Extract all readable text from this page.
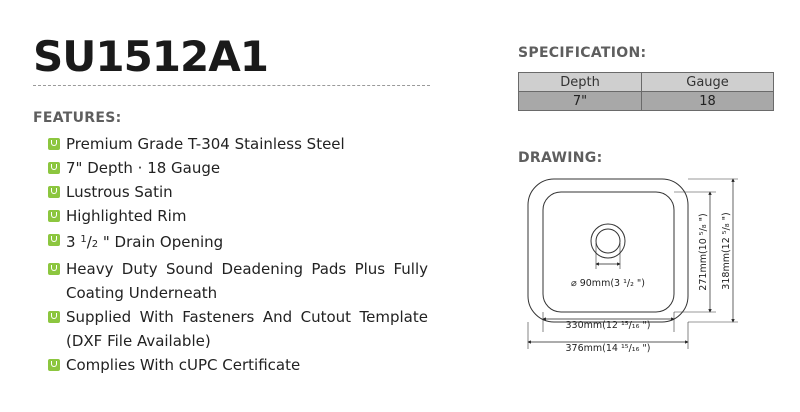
SU1512A1
FEATURES:
Premium Grade T-304 Stainless Steel
7" Depth · 18 Gauge
Lustrous Satin
Highlighted Rim
3 $^1$/2 " Drain Opening
Heavy Duty Sound Deadening Pads Plus Fully
Coating Underneath
Supplied With Fasteners And Cutout Template
(DXF File Available)
Complies With cUPC Certificate
SPECIFICATION:
Depth	Gauge
7"	18
DRAWING:
⌀ 90mm(3 ¹/₂ ")
330mm(12 ¹⁵/₁₆ ")
376mm(14 ¹⁵/₁₆ ")
271mm(10 ⁵/₈ ") 318mm(12 ⁵/₈ ")
